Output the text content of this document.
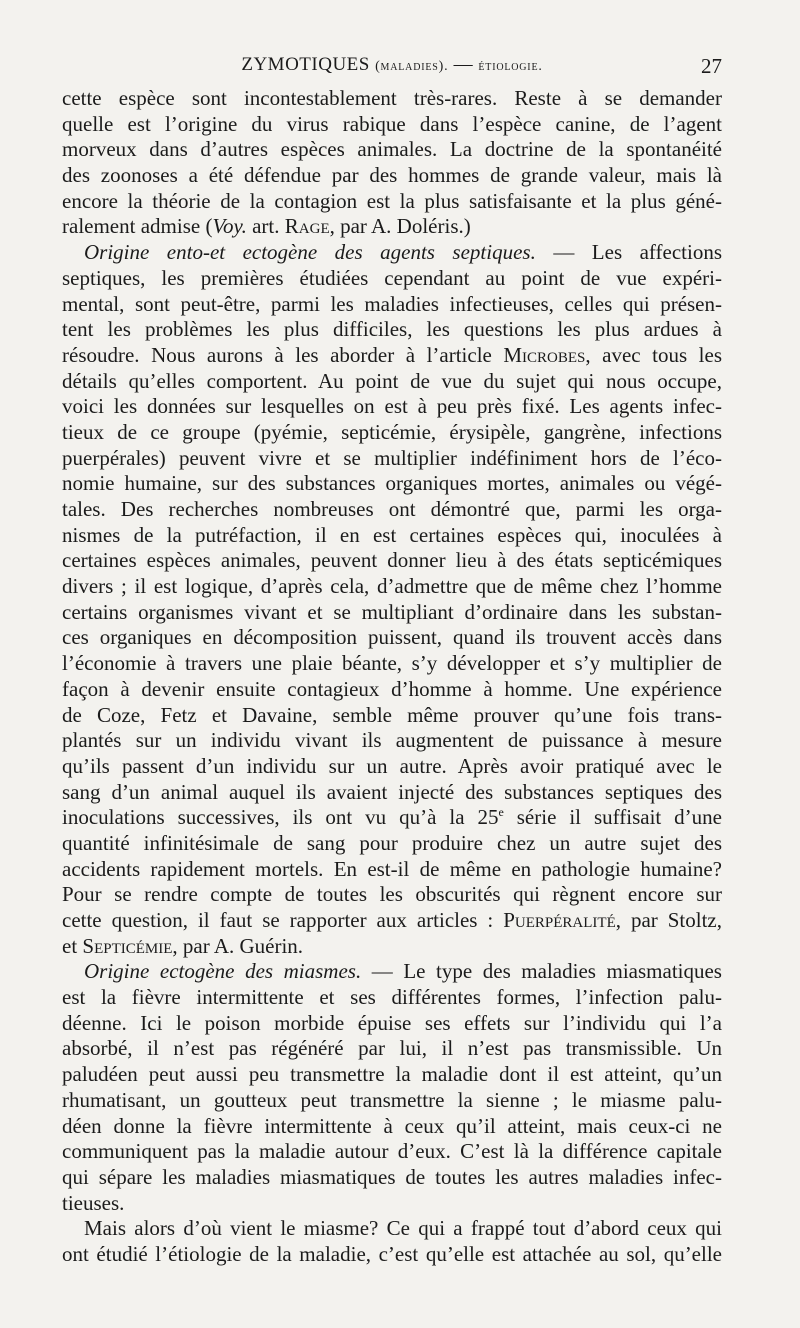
ZYMOTIQUES (maladies). — étiologie.	27
cette espèce sont incontestablement très-rares. Reste à se demander
quelle est l’origine du virus rabique dans l’espèce canine, de l’agent
morveux dans d’autres espèces animales. La doctrine de la spontanéité
des zoonoses a été défendue par des hommes de grande valeur, mais là
encore la théorie de la contagion est la plus satisfaisante et la plus géné-
ralement admise (Voy. art. Rage, par A. Doléris.)
Origine ento-et ectogène des agents septiques. — Les affections
septiques, les premières étudiées cependant au point de vue expéri-
mental, sont peut-être, parmi les maladies infectieuses, celles qui présen-
tent les problèmes les plus difficiles, les questions les plus ardues à
résoudre. Nous aurons à les aborder à l’article Microbes, avec tous les
détails qu’elles comportent. Au point de vue du sujet qui nous occupe,
voici les données sur lesquelles on est à peu près fixé. Les agents infec-
tieux de ce groupe (pyémie, septicémie, érysipèle, gangrène, infections
puerpérales) peuvent vivre et se multiplier indéfiniment hors de l’éco-
nomie humaine, sur des substances organiques mortes, animales ou végé-
tales. Des recherches nombreuses ont démontré que, parmi les orga-
nismes de la putréfaction, il en est certaines espèces qui, inoculées à
certaines espèces animales, peuvent donner lieu à des états septicémiques
divers ; il est logique, d’après cela, d’admettre que de même chez l’homme
certains organismes vivant et se multipliant d’ordinaire dans les substan-
ces organiques en décomposition puissent, quand ils trouvent accès dans
l’économie à travers une plaie béante, s’y développer et s’y multiplier de
façon à devenir ensuite contagieux d’homme à homme. Une expérience
de Coze, Fetz et Davaine, semble même prouver qu’une fois trans-
plantés sur un individu vivant ils augmentent de puissance à mesure
qu’ils passent d’un individu sur un autre. Après avoir pratiqué avec le
sang d’un animal auquel ils avaient injecté des substances septiques des
inoculations successives, ils ont vu qu’à la 25e série il suffisait d’une
quantité infinitésimale de sang pour produire chez un autre sujet des
accidents rapidement mortels. En est-il de même en pathologie humaine?
Pour se rendre compte de toutes les obscurités qui règnent encore sur
cette question, il faut se rapporter aux articles : Puerpéralité, par Stoltz,
et Septicémie, par A. Guérin.
Origine ectogène des miasmes. — Le type des maladies miasmatiques
est la fièvre intermittente et ses différentes formes, l’infection palu-
déenne. Ici le poison morbide épuise ses effets sur l’individu qui l’a
absorbé, il n’est pas régénéré par lui, il n’est pas transmissible. Un
paludéen peut aussi peu transmettre la maladie dont il est atteint, qu’un
rhumatisant, un goutteux peut transmettre la sienne ; le miasme palu-
déen donne la fièvre intermittente à ceux qu’il atteint, mais ceux-ci ne
communiquent pas la maladie autour d’eux. C’est là la différence capitale
qui sépare les maladies miasmatiques de toutes les autres maladies infec-
tieuses.
Mais alors d’où vient le miasme? Ce qui a frappé tout d’abord ceux qui
ont étudié l’étiologie de la maladie, c’est qu’elle est attachée au sol, qu’elle
